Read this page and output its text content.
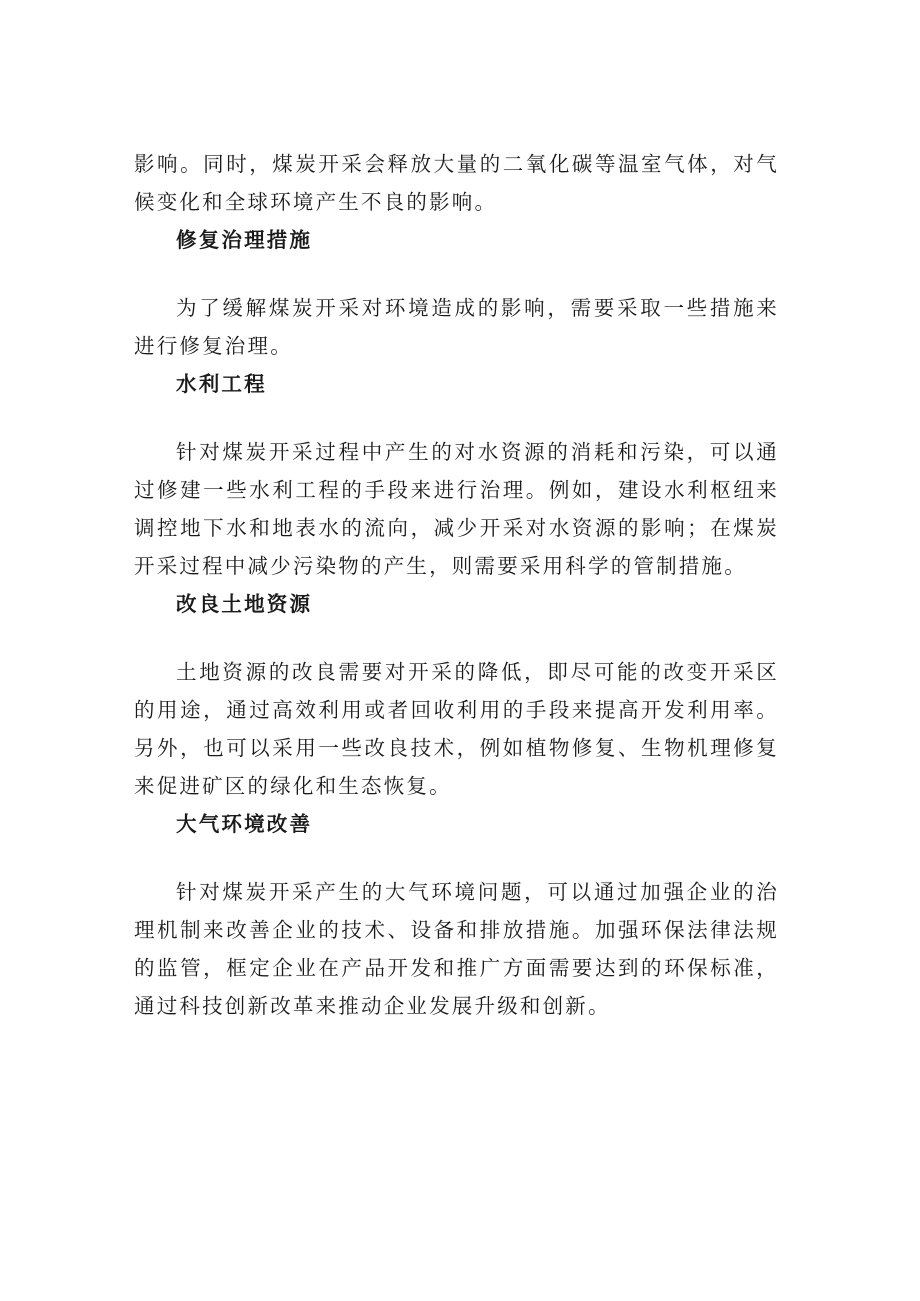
影响。同时，煤炭开采会释放大量的二氧化碳等温室气体，对气候变化和全球环境产生不良的影响。

修复治理措施

为了缓解煤炭开采对环境造成的影响，需要采取一些措施来进行修复治理。

水利工程

针对煤炭开采过程中产生的对水资源的消耗和污染，可以通过修建一些水利工程的手段来进行治理。例如，建设水利枢纽来调控地下水和地表水的流向，减少开采对水资源的影响；在煤炭开采过程中减少污染物的产生，则需要采用科学的管制措施。

改良土地资源

土地资源的改良需要对开采的降低，即尽可能的改变开采区的用途，通过高效利用或者回收利用的手段来提高开发利用率。另外，也可以采用一些改良技术，例如植物修复、生物机理修复来促进矿区的绿化和生态恢复。

大气环境改善

针对煤炭开采产生的大气环境问题，可以通过加强企业的治理机制来改善企业的技术、设备和排放措施。加强环保法律法规的监管，框定企业在产品开发和推广方面需要达到的环保标准，通过科技创新改革来推动企业发展升级和创新。
